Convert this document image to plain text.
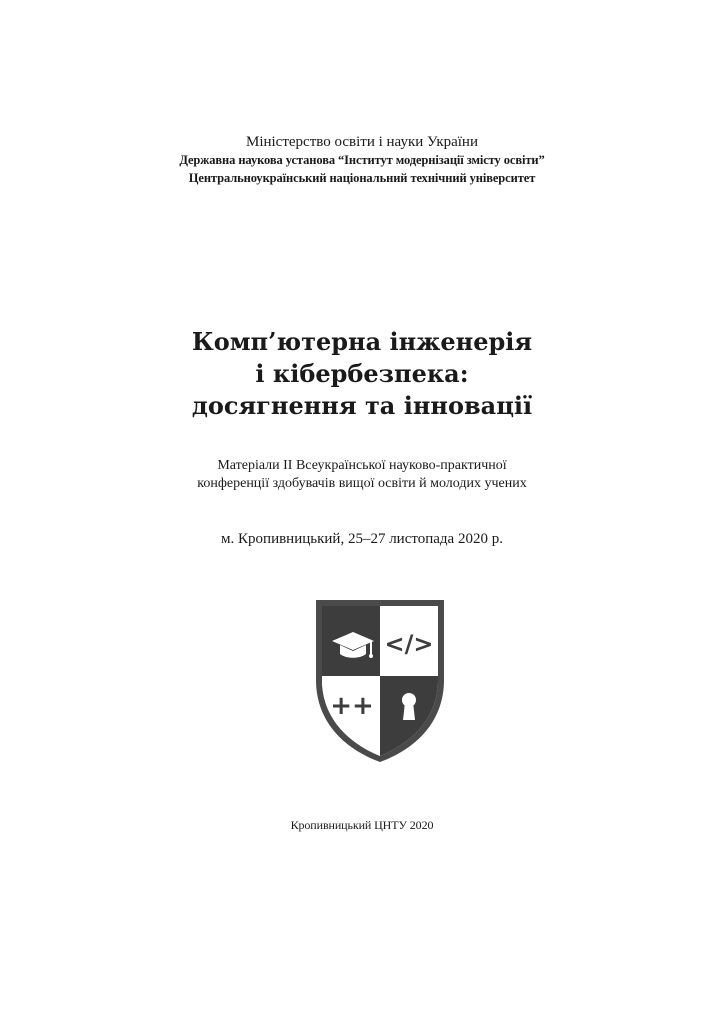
Міністерство освіти і науки України
Державна наукова установа “Інститут модернізації змісту освіти”
Центральноукраїнський національний технічний університет
Комп’ютерна інженерія
і кібербезпека:
досягнення та інновації
Матеріали ІІ Всеукраїнської науково-практичної
конференції здобувачів вищої освіти й молодих учених
м. Кропивницький, 25–27 листопада 2020 р.
</>
++
Кропивницький ЦНТУ 2020
